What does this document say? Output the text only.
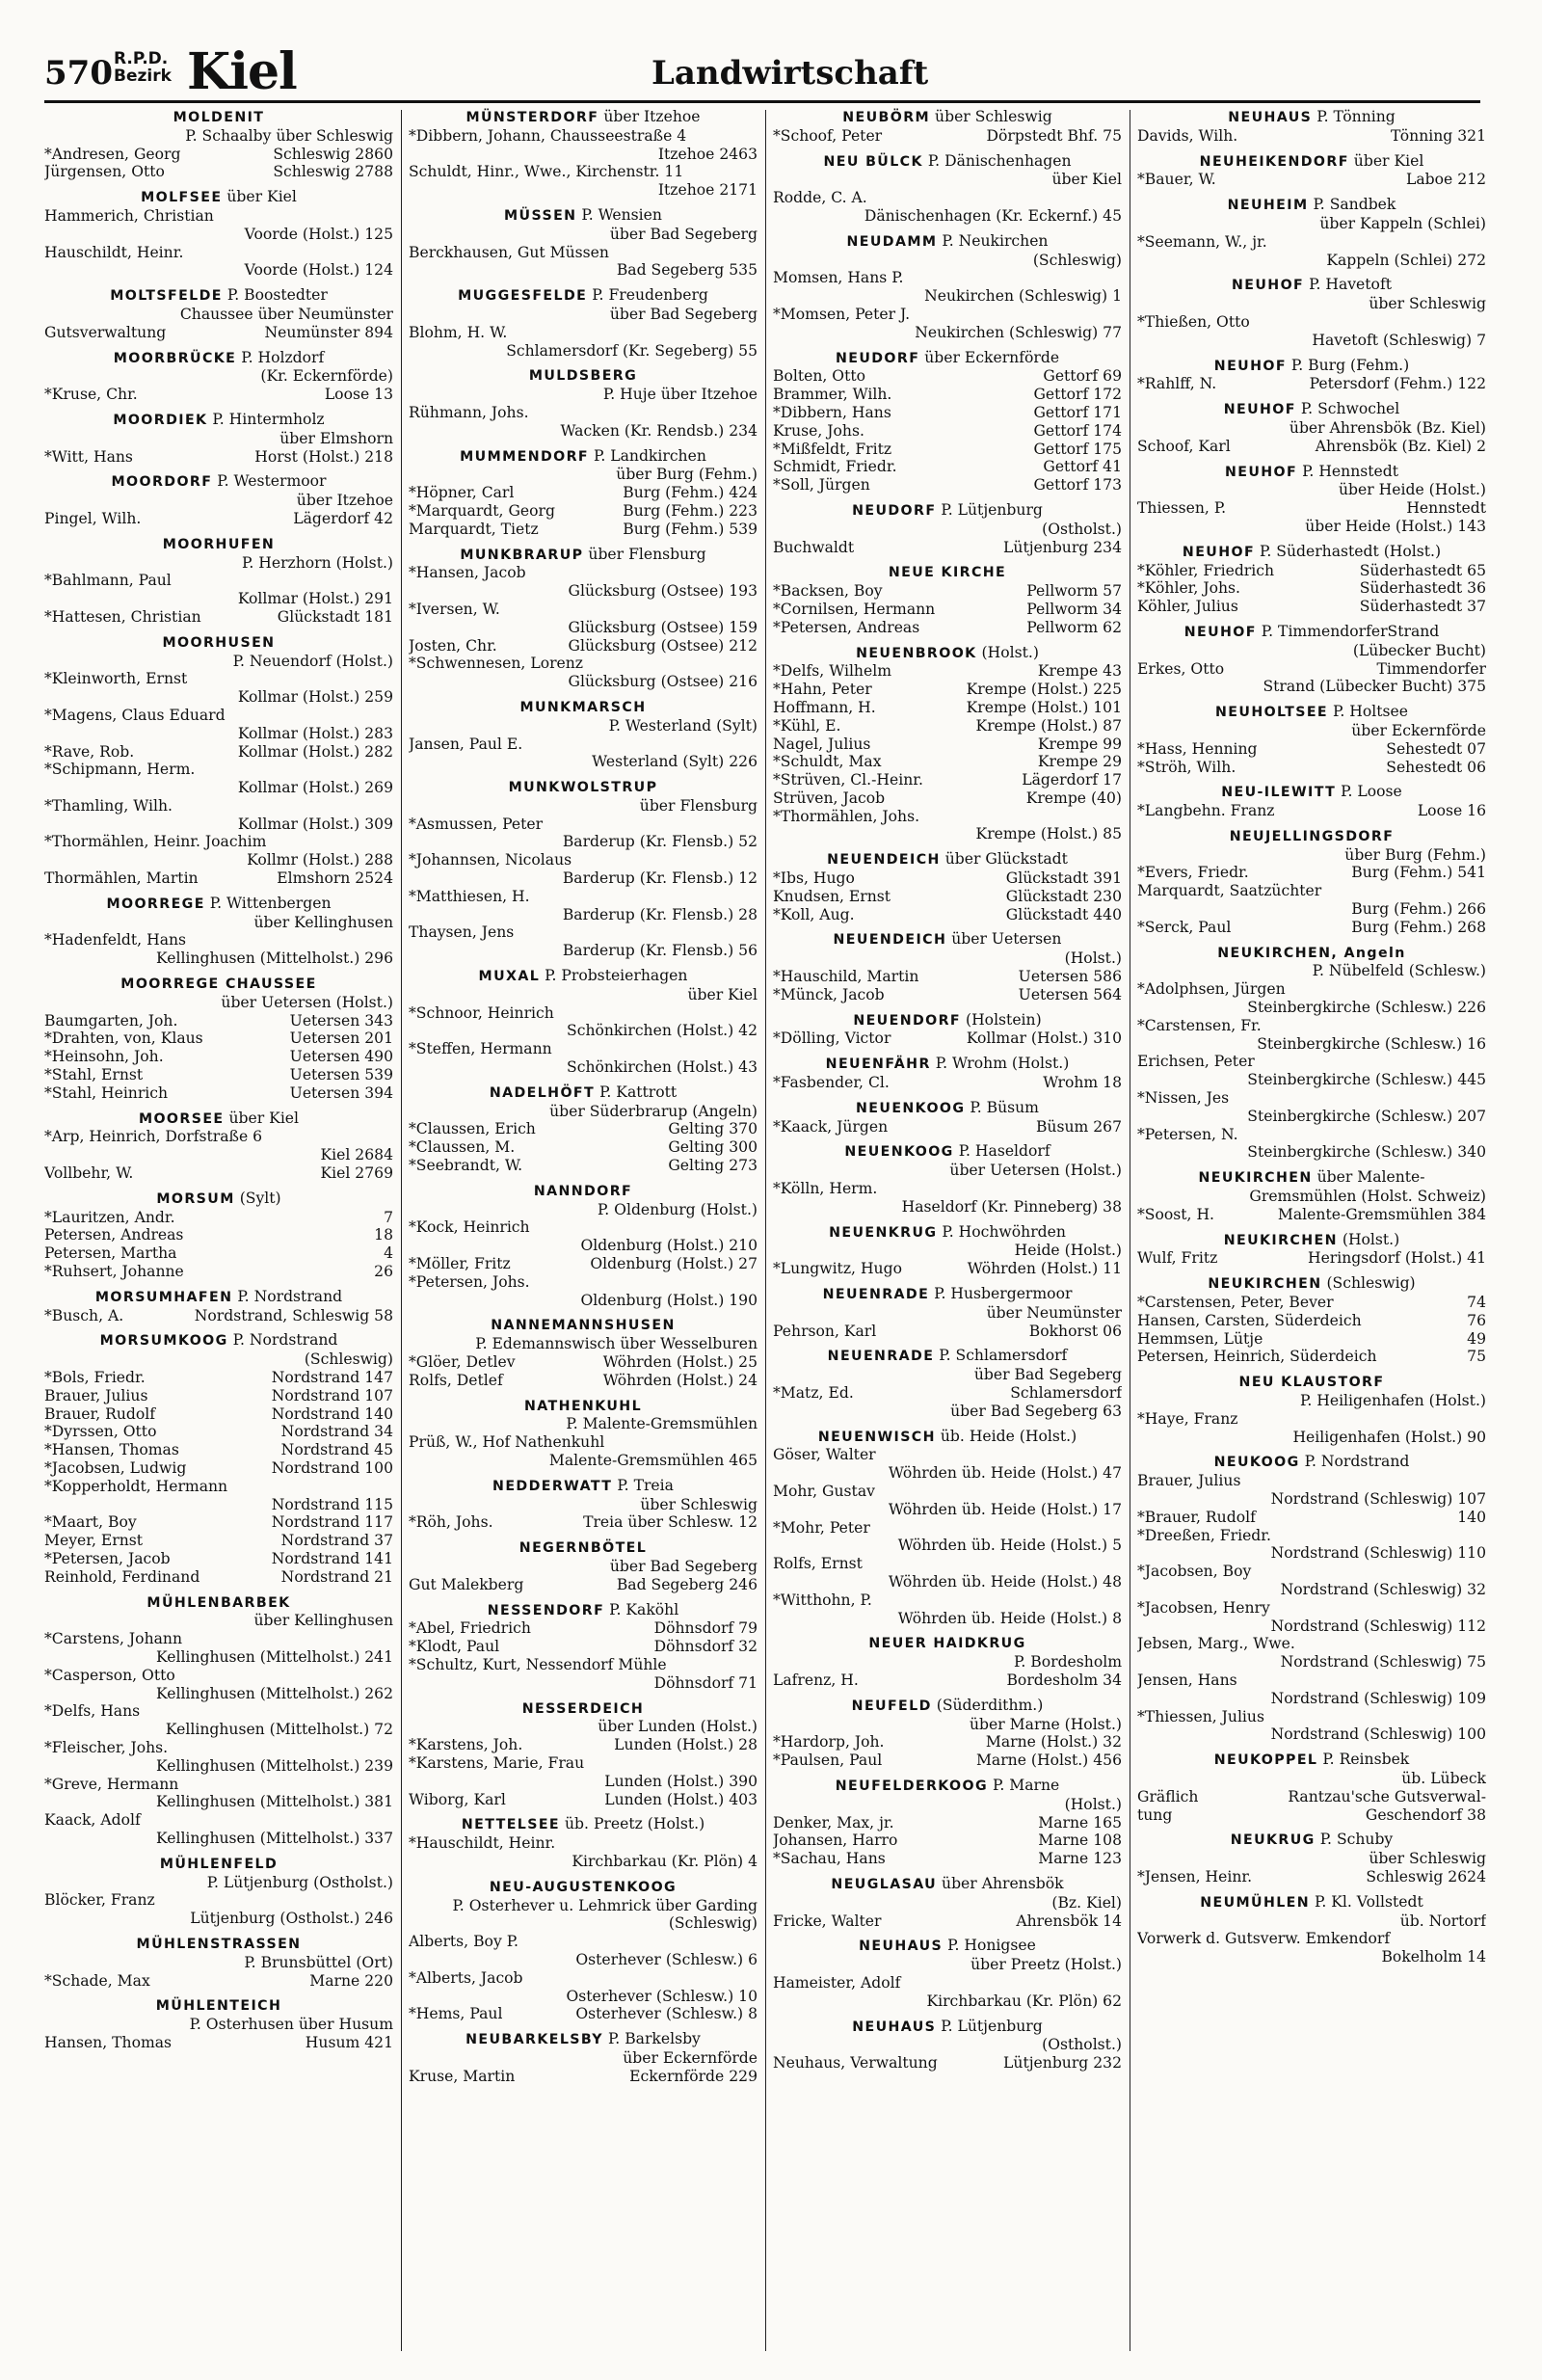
570 R.P.D.
Bezirk Kiel	Landwirtschaft
MOLDENIT
P. Schaalby über Schleswig
*Andresen, Georg	Schleswig 2860
Jürgensen, Otto	Schleswig 2788
MOLFSEE über Kiel
Hammerich, Christian
Voorde (Holst.) 125
Hauschildt, Heinr.
Voorde (Holst.) 124
MOLTSFELDE P. Boostedter
Chaussee über Neumünster
Gutsverwaltung	Neumünster 894
MOORBRÜCKE P. Holzdorf
(Kr. Eckernförde)
*Kruse, Chr.	Loose 13
MOORDIEK P. Hintermholz
über Elmshorn
*Witt, Hans	Horst (Holst.) 218
MOORDORF P. Westermoor
über Itzehoe
Pingel, Wilh.	Lägerdorf 42
MOORHUFEN
P. Herzhorn (Holst.)
*Bahlmann, Paul
Kollmar (Holst.) 291
*Hattesen, Christian	Glückstadt 181
MOORHUSEN
P. Neuendorf (Holst.)
*Kleinworth, Ernst
Kollmar (Holst.) 259
*Magens, Claus Eduard
Kollmar (Holst.) 283
*Rave, Rob.	Kollmar (Holst.) 282
*Schipmann, Herm.
Kollmar (Holst.) 269
*Thamling, Wilh.
Kollmar (Holst.) 309
*Thormählen, Heinr. Joachim
Kollmr (Holst.) 288
Thormählen, Martin	Elmshorn 2524
MOORREGE P. Wittenbergen
über Kellinghusen
*Hadenfeldt, Hans
Kellinghusen (Mittelholst.) 296
MOORREGE CHAUSSEE
über Uetersen (Holst.)
Baumgarten, Joh.	Uetersen 343
*Drahten, von, Klaus	Uetersen 201
*Heinsohn, Joh.	Uetersen 490
*Stahl, Ernst	Uetersen 539
*Stahl, Heinrich	Uetersen 394
MOORSEE über Kiel
*Arp, Heinrich, Dorfstraße 6
Kiel 2684
Vollbehr, W.	Kiel 2769
MORSUM (Sylt)
*Lauritzen, Andr.	7
Petersen, Andreas	18
Petersen, Martha	4
*Ruhsert, Johanne	26
MORSUMHAFEN P. Nordstrand
*Busch, A.	Nordstrand, Schleswig 58
MORSUMKOOG P. Nordstrand
(Schleswig)
*Bols, Friedr.	Nordstrand 147
Brauer, Julius	Nordstrand 107
Brauer, Rudolf	Nordstrand 140
*Dyrssen, Otto	Nordstrand 34
*Hansen, Thomas	Nordstrand 45
*Jacobsen, Ludwig	Nordstrand 100
*Kopperholdt, Hermann
Nordstrand 115
*Maart, Boy	Nordstrand 117
Meyer, Ernst	Nordstrand 37
*Petersen, Jacob	Nordstrand 141
Reinhold, Ferdinand	Nordstrand 21
MÜHLENBARBEK
über Kellinghusen
*Carstens, Johann
Kellinghusen (Mittelholst.) 241
*Casperson, Otto
Kellinghusen (Mittelholst.) 262
*Delfs, Hans
Kellinghusen (Mittelholst.) 72
*Fleischer, Johs.
Kellinghusen (Mittelholst.) 239
*Greve, Hermann
Kellinghusen (Mittelholst.) 381
Kaack, Adolf
Kellinghusen (Mittelholst.) 337
MÜHLENFELD
P. Lütjenburg (Ostholst.)
Blöcker, Franz
Lütjenburg (Ostholst.) 246
MÜHLENSTRASSEN
P. Brunsbüttel (Ort)
*Schade, Max	Marne 220
MÜHLENTEICH
P. Osterhusen über Husum
Hansen, Thomas	Husum 421
MÜNSTERDORF über Itzehoe
*Dibbern, Johann, Chausseestraße 4
Itzehoe 2463
Schuldt, Hinr., Wwe., Kirchenstr. 11
Itzehoe 2171
MÜSSEN P. Wensien
über Bad Segeberg
Berckhausen, Gut Müssen
Bad Segeberg 535
MUGGESFELDE P. Freudenberg
über Bad Segeberg
Blohm, H. W.
Schlamersdorf (Kr. Segeberg) 55
MULDSBERG
P. Huje über Itzehoe
Rühmann, Johs.
Wacken (Kr. Rendsb.) 234
MUMMENDORF P. Landkirchen
über Burg (Fehm.)
*Höpner, Carl	Burg (Fehm.) 424
*Marquardt, Georg	Burg (Fehm.) 223
Marquardt, Tietz	Burg (Fehm.) 539
MUNKBRARUP über Flensburg
*Hansen, Jacob
Glücksburg (Ostsee) 193
*Iversen, W.
Glücksburg (Ostsee) 159
Josten, Chr.	Glücksburg (Ostsee) 212
*Schwennesen, Lorenz
Glücksburg (Ostsee) 216
MUNKMARSCH
P. Westerland (Sylt)
Jansen, Paul E.
Westerland (Sylt) 226
MUNKWOLSTRUP
über Flensburg
*Asmussen, Peter
Barderup (Kr. Flensb.) 52
*Johannsen, Nicolaus
Barderup (Kr. Flensb.) 12
*Matthiesen, H.
Barderup (Kr. Flensb.) 28
Thaysen, Jens
Barderup (Kr. Flensb.) 56
MUXAL P. Probsteierhagen
über Kiel
*Schnoor, Heinrich
Schönkirchen (Holst.) 42
*Steffen, Hermann
Schönkirchen (Holst.) 43
NADELHÖFT P. Kattrott
über Süderbrarup (Angeln)
*Claussen, Erich	Gelting 370
*Claussen, M.	Gelting 300
*Seebrandt, W.	Gelting 273
NANNDORF
P. Oldenburg (Holst.)
*Kock, Heinrich
Oldenburg (Holst.) 210
*Möller, Fritz	Oldenburg (Holst.) 27
*Petersen, Johs.
Oldenburg (Holst.) 190
NANNEMANNSHUSEN
P. Edemannswisch über Wesselburen
*Glöer, Detlev	Wöhrden (Holst.) 25
Rolfs, Detlef	Wöhrden (Holst.) 24
NATHENKUHL
P. Malente-Gremsmühlen
Prüß, W., Hof Nathenkuhl
Malente-Gremsmühlen 465
NEDDERWATT P. Treia
über Schleswig
*Röh, Johs.	Treia über Schlesw. 12
NEGERNBÖTEL
über Bad Segeberg
Gut Malekberg	Bad Segeberg 246
NESSENDORF P. Kaköhl
*Abel, Friedrich	Döhnsdorf 79
*Klodt, Paul	Döhnsdorf 32
*Schultz, Kurt, Nessendorf Mühle
Döhnsdorf 71
NESSERDEICH
über Lunden (Holst.)
*Karstens, Joh.	Lunden (Holst.) 28
*Karstens, Marie, Frau
Lunden (Holst.) 390
Wiborg, Karl	Lunden (Holst.) 403
NETTELSEE üb. Preetz (Holst.)
*Hauschildt, Heinr.
Kirchbarkau (Kr. Plön) 4
NEU-AUGUSTENKOOG
P. Osterhever u. Lehmrick über Garding (Schleswig)
Alberts, Boy P.
Osterhever (Schlesw.) 6
*Alberts, Jacob
Osterhever (Schlesw.) 10
*Hems, Paul	Osterhever (Schlesw.) 8
NEUBARKELSBY P. Barkelsby
über Eckernförde
Kruse, Martin	Eckernförde 229
NEUBÖRM über Schleswig
*Schoof, Peter	Dörpstedt Bhf. 75
NEU BÜLCK P. Dänischenhagen
über Kiel
Rodde, C. A.
Dänischenhagen (Kr. Eckernf.) 45
NEUDAMM P. Neukirchen
(Schleswig)
Momsen, Hans P.
Neukirchen (Schleswig) 1
*Momsen, Peter J.
Neukirchen (Schleswig) 77
NEUDORF über Eckernförde
Bolten, Otto	Gettorf 69
Brammer, Wilh.	Gettorf 172
*Dibbern, Hans	Gettorf 171
Kruse, Johs.	Gettorf 174
*Mißfeldt, Fritz	Gettorf 175
Schmidt, Friedr.	Gettorf 41
*Soll, Jürgen	Gettorf 173
NEUDORF P. Lütjenburg
(Ostholst.)
Buchwaldt	Lütjenburg 234
NEUE KIRCHE
*Backsen, Boy	Pellworm 57
*Cornilsen, Hermann	Pellworm 34
*Petersen, Andreas	Pellworm 62
NEUENBROOK (Holst.)
*Delfs, Wilhelm	Krempe 43
*Hahn, Peter	Krempe (Holst.) 225
Hoffmann, H.	Krempe (Holst.) 101
*Kühl, E.	Krempe (Holst.) 87
Nagel, Julius	Krempe 99
*Schuldt, Max	Krempe 29
*Strüven, Cl.-Heinr.	Lägerdorf 17
Strüven, Jacob	Krempe (40)
*Thormählen, Johs.
Krempe (Holst.) 85
NEUENDEICH über Glückstadt
*Ibs, Hugo	Glückstadt 391
Knudsen, Ernst	Glückstadt 230
*Koll, Aug.	Glückstadt 440
NEUENDEICH über Uetersen
(Holst.)
*Hauschild, Martin	Uetersen 586
*Münck, Jacob	Uetersen 564
NEUENDORF (Holstein)
*Dölling, Victor	Kollmar (Holst.) 310
NEUENFÄHR P. Wrohm (Holst.)
*Fasbender, Cl.	Wrohm 18
NEUENKOOG P. Büsum
*Kaack, Jürgen	Büsum 267
NEUENKOOG P. Haseldorf
über Uetersen (Holst.)
*Kölln, Herm.
Haseldorf (Kr. Pinneberg) 38
NEUENKRUG P. Hochwöhrden
Heide (Holst.)
*Lungwitz, Hugo	Wöhrden (Holst.) 11
NEUENRADE P. Husbergermoor
über Neumünster
Pehrson, Karl	Bokhorst 06
NEUENRADE P. Schlamersdorf
über Bad Segeberg
*Matz, Ed.	Schlamersdorf
über Bad Segeberg 63
NEUENWISCH üb. Heide (Holst.)
Göser, Walter
Wöhrden üb. Heide (Holst.) 47
Mohr, Gustav
Wöhrden üb. Heide (Holst.) 17
*Mohr, Peter
Wöhrden üb. Heide (Holst.) 5
Rolfs, Ernst
Wöhrden üb. Heide (Holst.) 48
*Witthohn, P.
Wöhrden üb. Heide (Holst.) 8
NEUER HAIDKRUG
P. Bordesholm
Lafrenz, H.	Bordesholm 34
NEUFELD (Süderdithm.)
über Marne (Holst.)
*Hardorp, Joh.	Marne (Holst.) 32
*Paulsen, Paul	Marne (Holst.) 456
NEUFELDERKOOG P. Marne
(Holst.)
Denker, Max, jr.	Marne 165
Johansen, Harro	Marne 108
*Sachau, Hans	Marne 123
NEUGLASAU über Ahrensbök
(Bz. Kiel)
Fricke, Walter	Ahrensbök 14
NEUHAUS P. Honigsee
über Preetz (Holst.)
Hameister, Adolf
Kirchbarkau (Kr. Plön) 62
NEUHAUS P. Lütjenburg
(Ostholst.)
Neuhaus, Verwaltung	Lütjenburg 232
NEUHAUS P. Tönning
Davids, Wilh.	Tönning 321
NEUHEIKENDORF über Kiel
*Bauer, W.	Laboe 212
NEUHEIM P. Sandbek
über Kappeln (Schlei)
*Seemann, W., jr.
Kappeln (Schlei) 272
NEUHOF P. Havetoft
über Schleswig
*Thießen, Otto
Havetoft (Schleswig) 7
NEUHOF P. Burg (Fehm.)
*Rahlff, N.	Petersdorf (Fehm.) 122
NEUHOF P. Schwochel
über Ahrensbök (Bz. Kiel)
Schoof, Karl	Ahrensbök (Bz. Kiel) 2
NEUHOF P. Hennstedt
über Heide (Holst.)
Thiessen, P.	Hennstedt
über Heide (Holst.) 143
NEUHOF P. Süderhastedt (Holst.)
*Köhler, Friedrich	Süderhastedt 65
*Köhler, Johs.	Süderhastedt 36
Köhler, Julius	Süderhastedt 37
NEUHOF P. TimmendorferStrand
(Lübecker Bucht)
Erkes, Otto	Timmendorfer
Strand (Lübecker Bucht) 375
NEUHOLTSEE P. Holtsee
über Eckernförde
*Hass, Henning	Sehestedt 07
*Ströh, Wilh.	Sehestedt 06
NEU-ILEWITT P. Loose
*Langbehn. Franz	Loose 16
NEUJELLINGSDORF
über Burg (Fehm.)
*Evers, Friedr.	Burg (Fehm.) 541
Marquardt, Saatzüchter
Burg (Fehm.) 266
*Serck, Paul	Burg (Fehm.) 268
NEUKIRCHEN, Angeln
P. Nübelfeld (Schlesw.)
*Adolphsen, Jürgen
Steinbergkirche (Schlesw.) 226
*Carstensen, Fr.
Steinbergkirche (Schlesw.) 16
Erichsen, Peter
Steinbergkirche (Schlesw.) 445
*Nissen, Jes
Steinbergkirche (Schlesw.) 207
*Petersen, N.
Steinbergkirche (Schlesw.) 340
NEUKIRCHEN über Malente-
Gremsmühlen (Holst. Schweiz)
*Soost, H.	Malente-Gremsmühlen 384
NEUKIRCHEN (Holst.)
Wulf, Fritz	Heringsdorf (Holst.) 41
NEUKIRCHEN (Schleswig)
*Carstensen, Peter, Bever	74
Hansen, Carsten, Süderdeich	76
Hemmsen, Lütje	49
Petersen, Heinrich, Süderdeich	75
NEU KLAUSTORF
P. Heiligenhafen (Holst.)
*Haye, Franz
Heiligenhafen (Holst.) 90
NEUKOOG P. Nordstrand
Brauer, Julius
Nordstrand (Schleswig) 107
*Brauer, Rudolf	140
*Dreeßen, Friedr.
Nordstrand (Schleswig) 110
*Jacobsen, Boy
Nordstrand (Schleswig) 32
*Jacobsen, Henry
Nordstrand (Schleswig) 112
Jebsen, Marg., Wwe.
Nordstrand (Schleswig) 75
Jensen, Hans
Nordstrand (Schleswig) 109
*Thiessen, Julius
Nordstrand (Schleswig) 100
NEUKOPPEL P. Reinsbek
üb. Lübeck
Gräflich	Rantzau'sche Gutsverwal-
tung	Geschendorf 38
NEUKRUG P. Schuby
über Schleswig
*Jensen, Heinr.	Schleswig 2624
NEUMÜHLEN P. Kl. Vollstedt
üb. Nortorf
Vorwerk d. Gutsverw. Emkendorf
Bokelholm 14
